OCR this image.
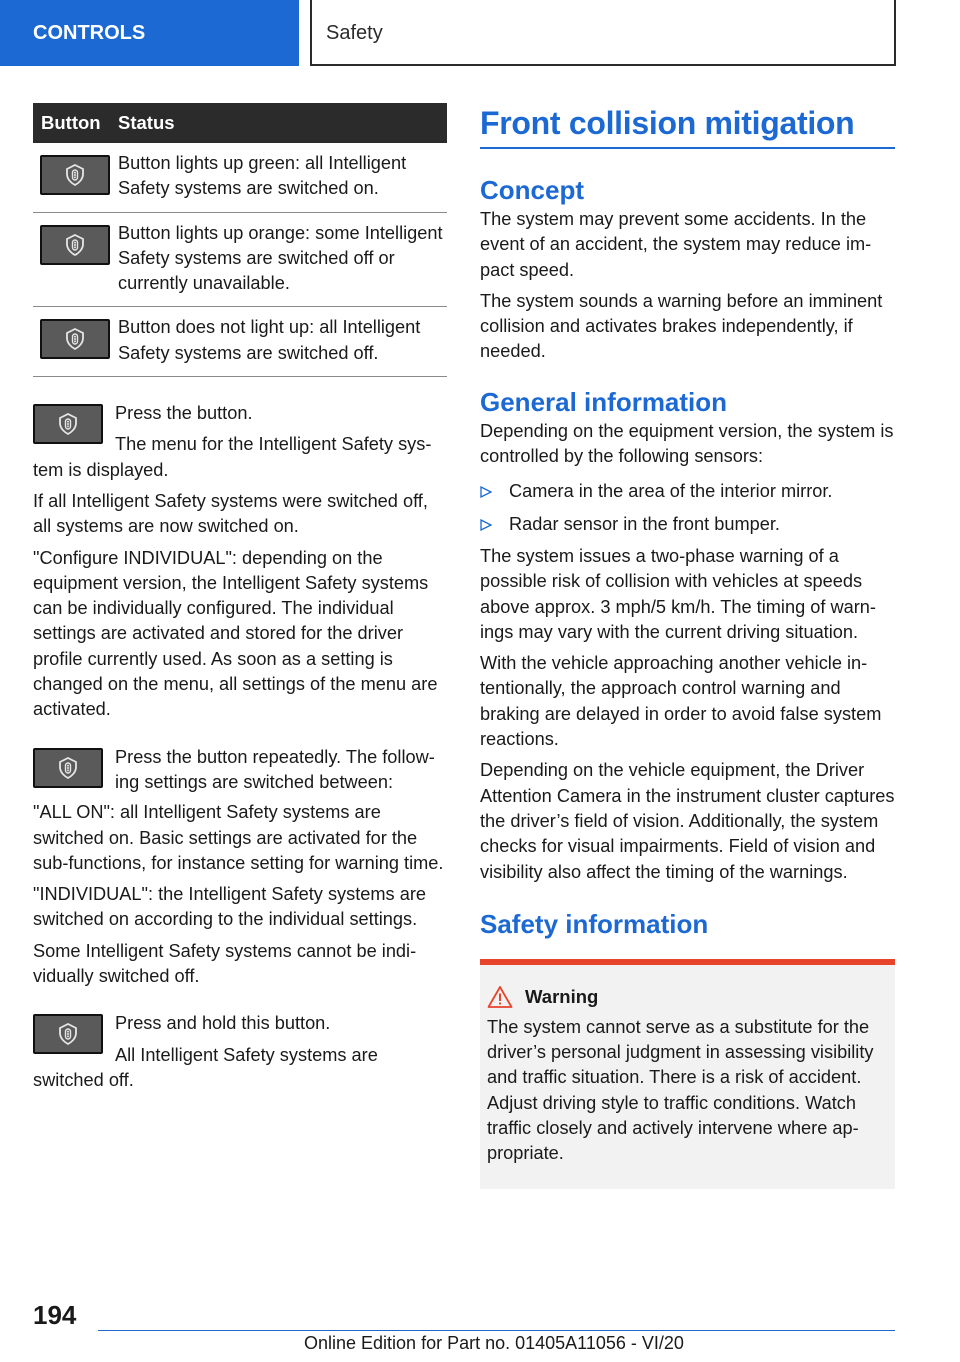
CONTROLS	Safety
Button	Status

	Button lights up green: all Intelligent Safety systems are switched on.

	Button lights up orange: some Intelligent Safety systems are switched off or currently unavailable.

	Button does not light up: all Intelligent Safety systems are switched off.

Press the button.

The menu for the Intelligent Safety system is displayed.

If all Intelligent Safety systems were switched off, all systems are now switched on.

"Configure INDIVIDUAL": depending on the equipment version, the Intelligent Safety systems can be individually configured. The individual settings are activated and stored for the driver profile currently used. As soon as a setting is changed on the menu, all settings of the menu are activated.

Press the button repeatedly. The following settings are switched between:

"ALL ON": all Intelligent Safety systems are switched on. Basic settings are activated for the sub-functions, for instance setting for warning time.

"INDIVIDUAL": the Intelligent Safety systems are switched on according to the individual settings.

Some Intelligent Safety systems cannot be individually switched off.

Press and hold this button.

All Intelligent Safety systems are switched off.

Front collision mitigation
Concept

The system may prevent some accidents. In the event of an accident, the system may reduce impact speed.

The system sounds a warning before an imminent collision and activates brakes independently, if needed.

General information

Depending on the equipment version, the system is controlled by the following sensors:

Camera in the area of the interior mirror.
Radar sensor in the front bumper.

The system issues a two-phase warning of a possible risk of collision with vehicles at speeds above approx. 3 mph/5 km/h. The timing of warnings may vary with the current driving situation.

With the vehicle approaching another vehicle intentionally, the approach control warning and braking are delayed in order to avoid false system reactions.

Depending on the vehicle equipment, the Driver Attention Camera in the instrument cluster captures the driver’s field of vision. Additionally, the system checks for visual impairments. Field of vision and visibility also affect the timing of the warnings.

Safety information
Warning

The system cannot serve as a substitute for the driver’s personal judgment in assessing visibility and traffic situation. There is a risk of accident. Adjust driving style to traffic conditions. Watch traffic closely and actively intervene where appropriate.

194
Online Edition for Part no. 01405A11056 - VI/20
